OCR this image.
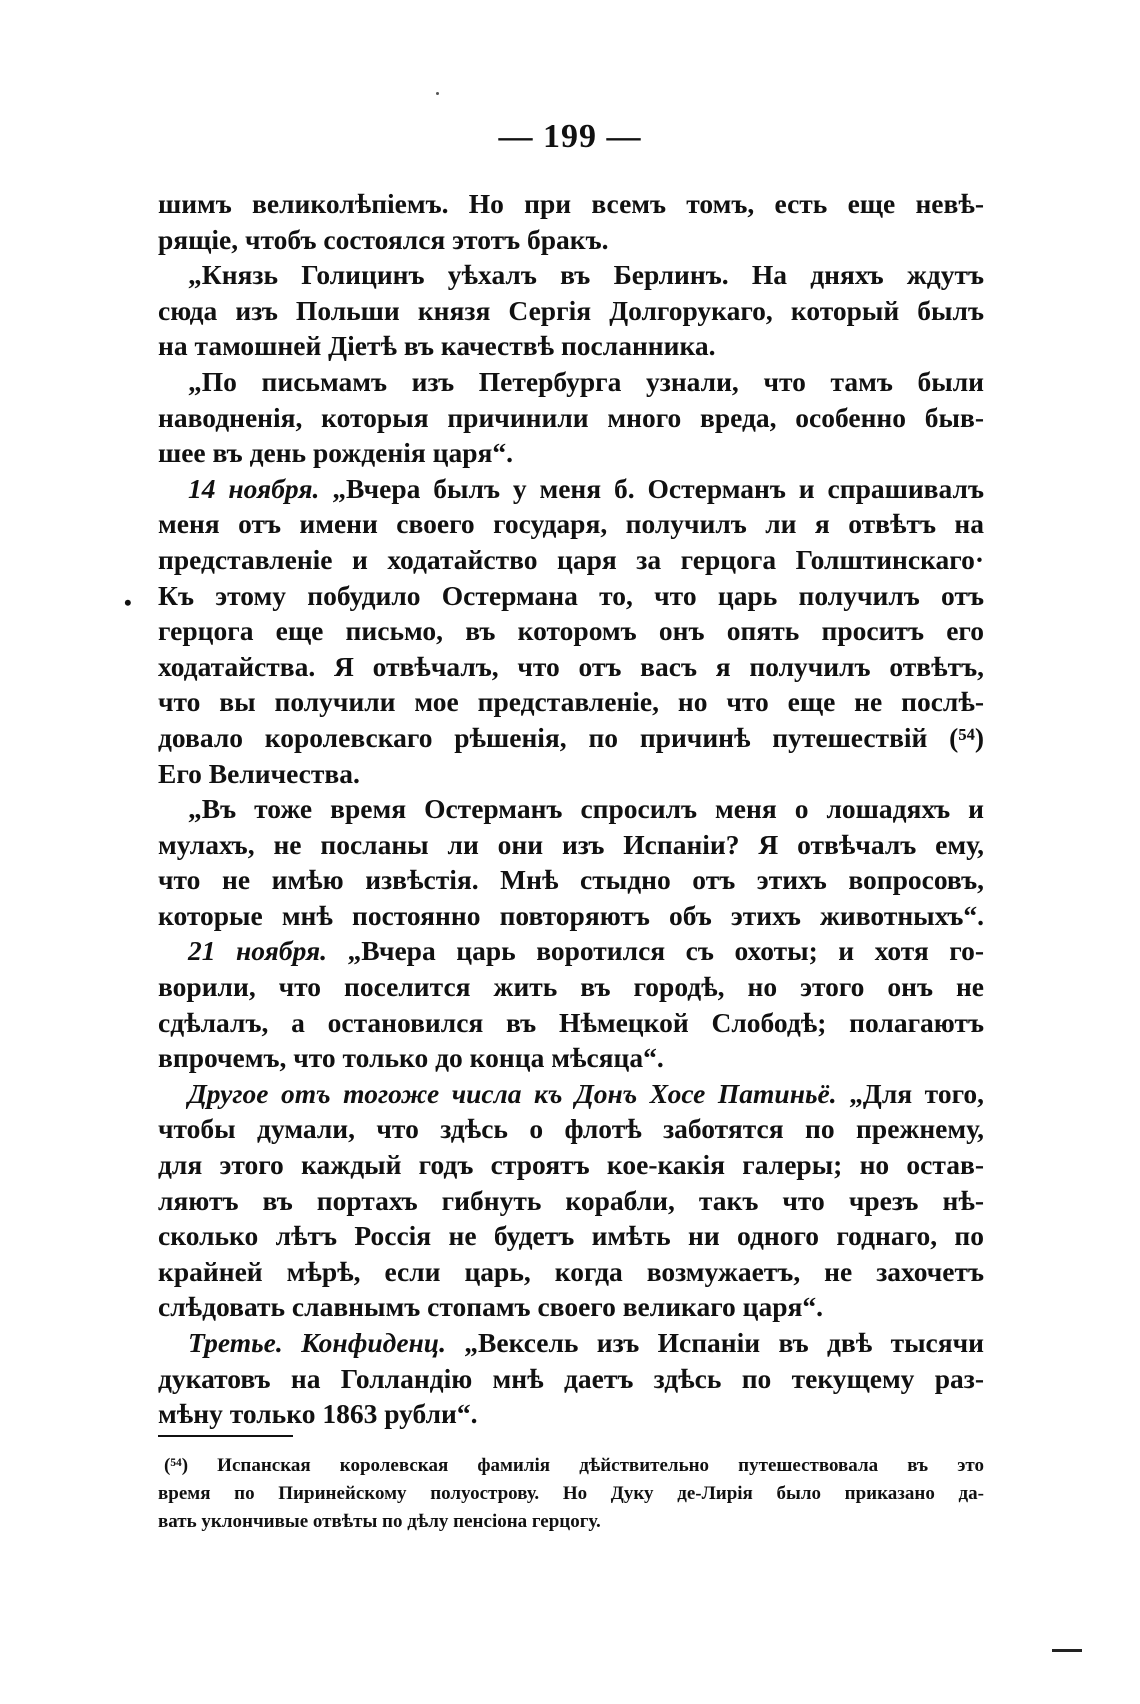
— 199 —
•
шимъ великолѣпіемъ. Но при всемъ томъ, есть еще невѣ-
рящіе, чтобъ состоялся этотъ бракъ.
„Князь Голицинъ уѣхалъ въ Берлинъ. На дняхъ ждутъ
сюда изъ Польши князя Сергія Долгорукаго, который былъ
на тамошней Діетѣ въ качествѣ посланника.
„По письмамъ изъ Петербурга узнали, что тамъ были
наводненія, которыя причинили много вреда, особенно быв-
шее въ день рожденія царя“.
14 ноября. „Вчера былъ у меня б. Остерманъ и спрашивалъ
меня отъ имени своего государя, получилъ ли я отвѣтъ на
представленіе и ходатайство царя за герцога Голштинскаго·
Къ этому побудило Остермана то, что царь получилъ отъ
герцога еще письмо, въ которомъ онъ опять проситъ его
ходатайства. Я отвѣчалъ, что отъ васъ я получилъ отвѣтъ,
что вы получили мое представленіе, но что еще не послѣ-
довало королевскаго рѣшенія, по причинѣ путешествій (⁵⁴)
Его Величества.
„Въ тоже время Остерманъ спросилъ меня о лошадяхъ и
мулахъ, не посланы ли они изъ Испаніи? Я отвѣчалъ ему,
что не имѣю извѣстія. Мнѣ стыдно отъ этихъ вопросовъ,
которые мнѣ постоянно повторяютъ объ этихъ животныхъ“.
21 ноября. „Вчера царь воротился съ охоты; и хотя го-
ворили, что поселится жить въ городѣ, но этого онъ не
сдѣлалъ, а остановился въ Нѣмецкой Слободѣ; полагаютъ
впрочемъ, что только до конца мѣсяца“.
Другое отъ тогоже числа къ Донъ Хосе Патиньё. „Для того,
чтобы думали, что здѣсь о флотѣ заботятся по прежнему,
для этого каждый годъ строятъ кое-какія галеры; но остав-
ляютъ въ портахъ гибнуть корабли, такъ что чрезъ нѣ-
сколько лѣтъ Россія не будетъ имѣть ни одного годнаго, по
крайней мѣрѣ, если царь, когда возмужаетъ, не захочетъ
слѣдовать славнымъ стопамъ своего великаго царя“.
Третье. Конфиденц. „Вексель изъ Испаніи въ двѣ тысячи
дукатовъ на Голландію мнѣ даетъ здѣсь по текущему раз-
мѣну только 1863 рубли“.
(⁵⁴) Испанская королевская фамилія дѣйствительно путешествовала въ это
время по Пиринейскому полуострову. Но Дуку де-Лирія было приказано да-
вать уклончивые отвѣты по дѣлу пенсіона герцогу.
